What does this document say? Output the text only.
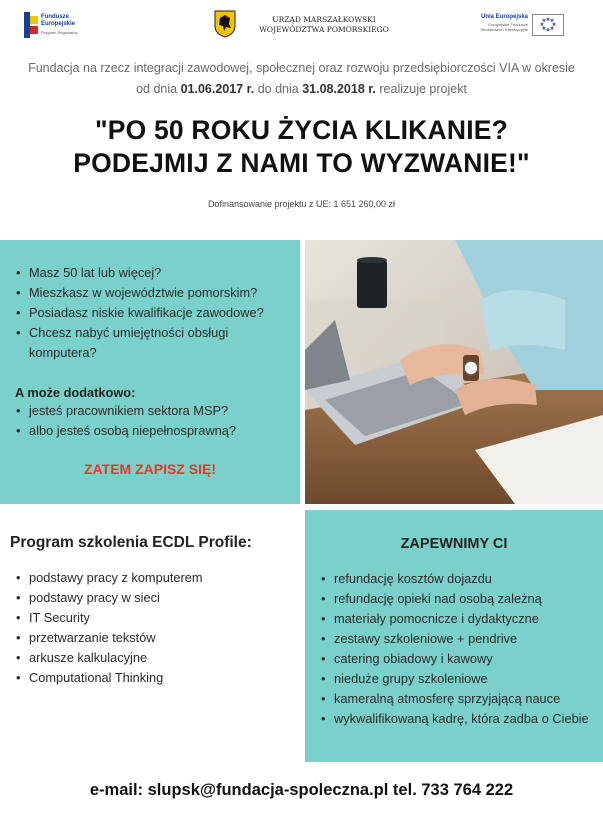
Fundusze
Europejskie
Program Regionalny
URZĄD MARSZAŁKOWSKI
WOJEWÓDZTWA POMORSKIEGO
Unia Europejska
Europejskie Fundusze
Strukturalne i Inwestycyjne
Fundacja na rzecz integracji zawodowej, społecznej oraz rozwoju przedsiębiorczości VIA w okresie
od dnia 01.06.2017 r. do dnia 31.08.2018 r. realizuje projekt
"PO 50 ROKU ŻYCIA KLIKANIE?
PODEJMIJ Z NAMI TO WYZWANIE!"
Dofinansowanie projektu z UE: 1 651 260,00 zł
• Masz 50 lat lub więcej?
• Mieszkasz w województwie pomorskim?
• Posiadasz niskie kwalifikacje zawodowe?
• Chcesz nabyć umiejętności obsługi komputera?
A może dodatkowo:
• jesteś pracownikiem sektora MSP?
• albo jesteś osobą niepełnosprawną?
ZATEM ZAPISZ SIĘ!
Program szkolenia ECDL Profile:
• podstawy pracy z komputerem
• podstawy pracy w sieci
• IT Security
• przetwarzanie tekstów
• arkusze kalkulacyjne
• Computational Thinking
ZAPEWNIMY CI
• refundację kosztów dojazdu
• refundację opieki nad osobą zależną
• materiały pomocnicze i dydaktyczne
• zestawy szkoleniowe + pendrive
• catering obiadowy i kawowy
• nieduże grupy szkoleniowe
• kameralną atmosferę sprzyjającą nauce
• wykwalifikowaną kadrę, która zadba o Ciebie
e-mail: slupsk@fundacja-spoleczna.pl tel. 733 764 222
